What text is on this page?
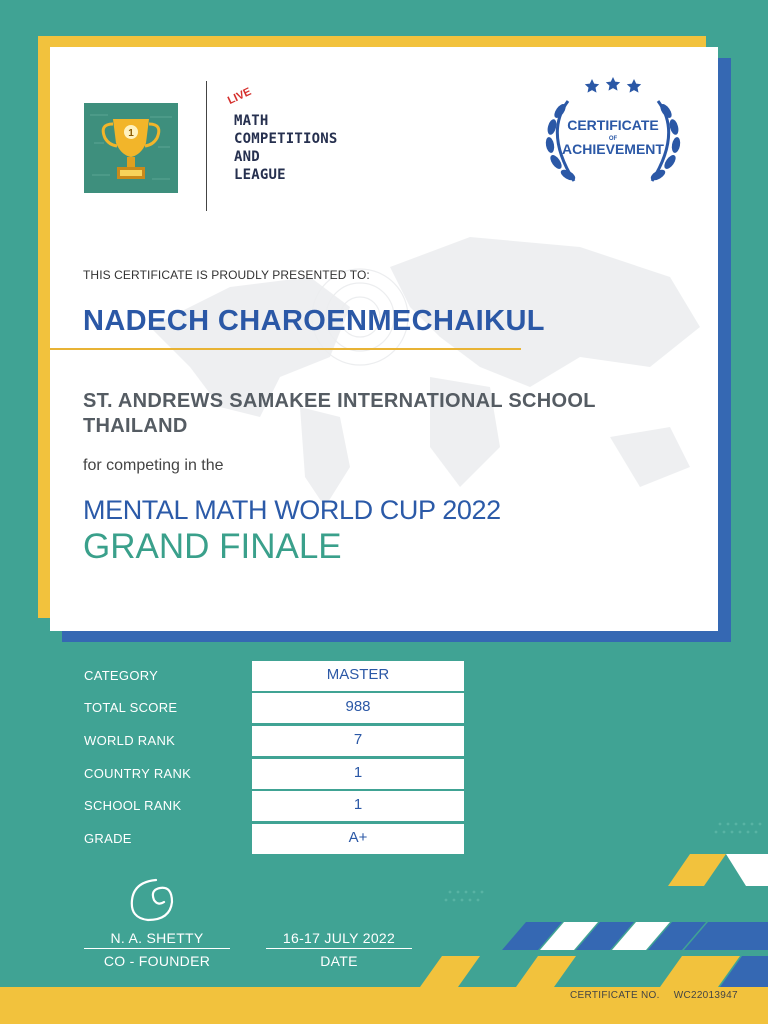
1
LIVE
MATH
COMPETITIONS
AND
LEAGUE
CERTIFICATE
OF
ACHIEVEMENT
THIS CERTIFICATE IS PROUDLY PRESENTED TO:
NADECH CHAROENMECHAIKUL
ST. ANDREWS SAMAKEE INTERNATIONAL SCHOOL
THAILAND
for competing in the
MENTAL MATH WORLD CUP 2022
GRAND FINALE
CATEGORY	MASTER
TOTAL SCORE	988
WORLD RANK	7
COUNTRY RANK	1
SCHOOL RANK	1
GRADE	A+
N. A. SHETTY
CO - FOUNDER
16-17 JULY 2022
DATE
CERTIFICATE NO. WC22013947
